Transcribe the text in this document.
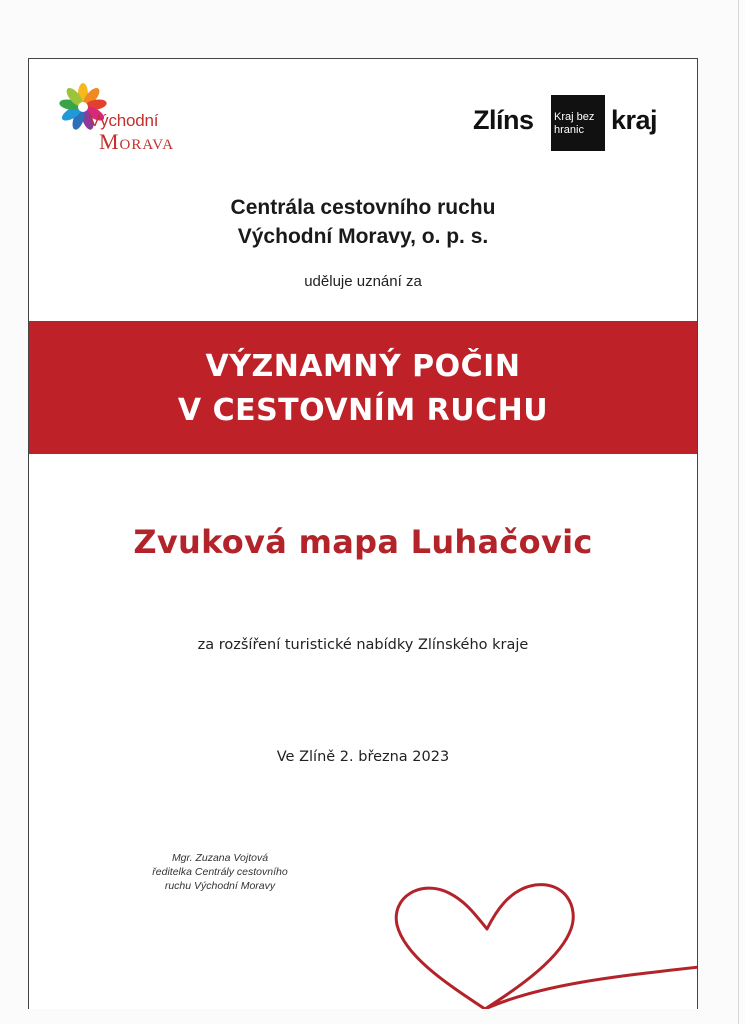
Východní
Morava
Zlíns Kraj bez
hranic	kraj
Centrála cestovního ruchu
Východní Moravy, o. p. s.
uděluje uznání za
VÝZNAMNÝ POČIN
V CESTOVNÍM RUCHU
Zvuková mapa Luhačovic
za rozšíření turistické nabídky Zlínského kraje
Ve Zlíně 2. března 2023
Mgr. Zuzana Vojtová
ředitelka Centrály cestovního
ruchu Východní Moravy
